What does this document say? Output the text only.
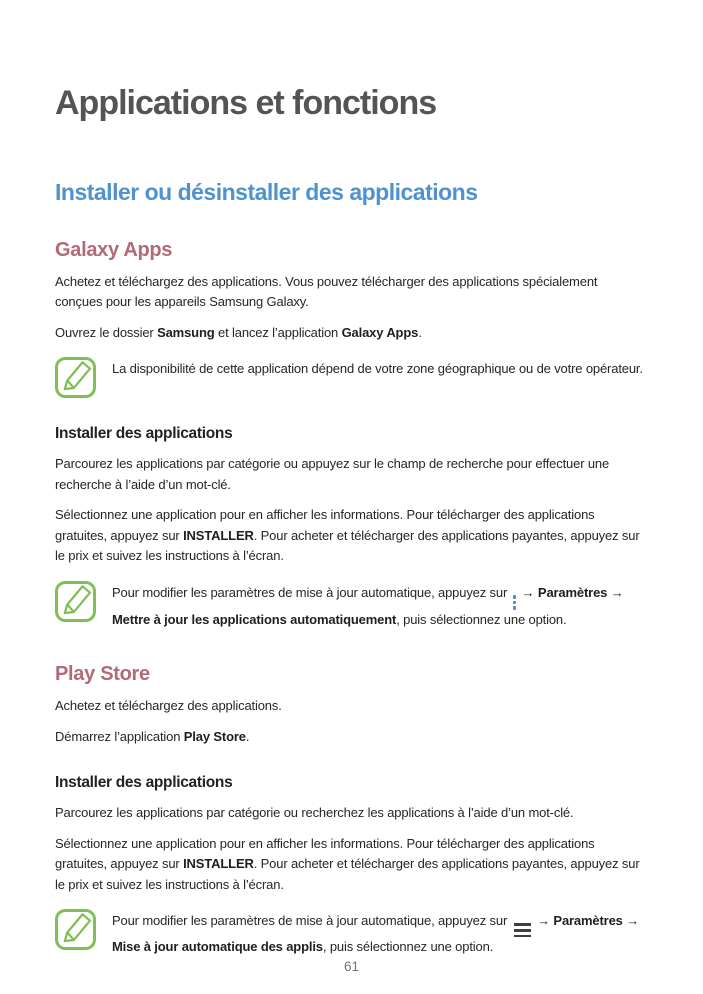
Applications et fonctions
Installer ou désinstaller des applications
Galaxy Apps

Achetez et téléchargez des applications. Vous pouvez télécharger des applications spécialement conçues pour les appareils Samsung Galaxy.

Ouvrez le dossier Samsung et lancez l’application Galaxy Apps.

La disponibilité de cette application dépend de votre zone géographique ou de votre opérateur.

Installer des applications

Parcourez les applications par catégorie ou appuyez sur le champ de recherche pour effectuer une recherche à l’aide d’un mot-clé.

Sélectionnez une application pour en afficher les informations. Pour télécharger des applications gratuites, appuyez sur INSTALLER. Pour acheter et télécharger des applications payantes, appuyez sur le prix et suivez les instructions à l’écran.

Pour modifier les paramètres de mise à jour automatique, appuyez sur
→ Paramètres → Mettre à jour les applications automatiquement, puis sélectionnez une option.

Play Store

Achetez et téléchargez des applications.

Démarrez l’application Play Store.

Installer des applications

Parcourez les applications par catégorie ou recherchez les applications à l’aide d’un mot-clé.

Sélectionnez une application pour en afficher les informations. Pour télécharger des applications gratuites, appuyez sur INSTALLER. Pour acheter et télécharger des applications payantes, appuyez sur le prix et suivez les instructions à l’écran.

Pour modifier les paramètres de mise à jour automatique, appuyez sur
→ Paramètres → Mise à jour automatique des applis, puis sélectionnez une option.

61
